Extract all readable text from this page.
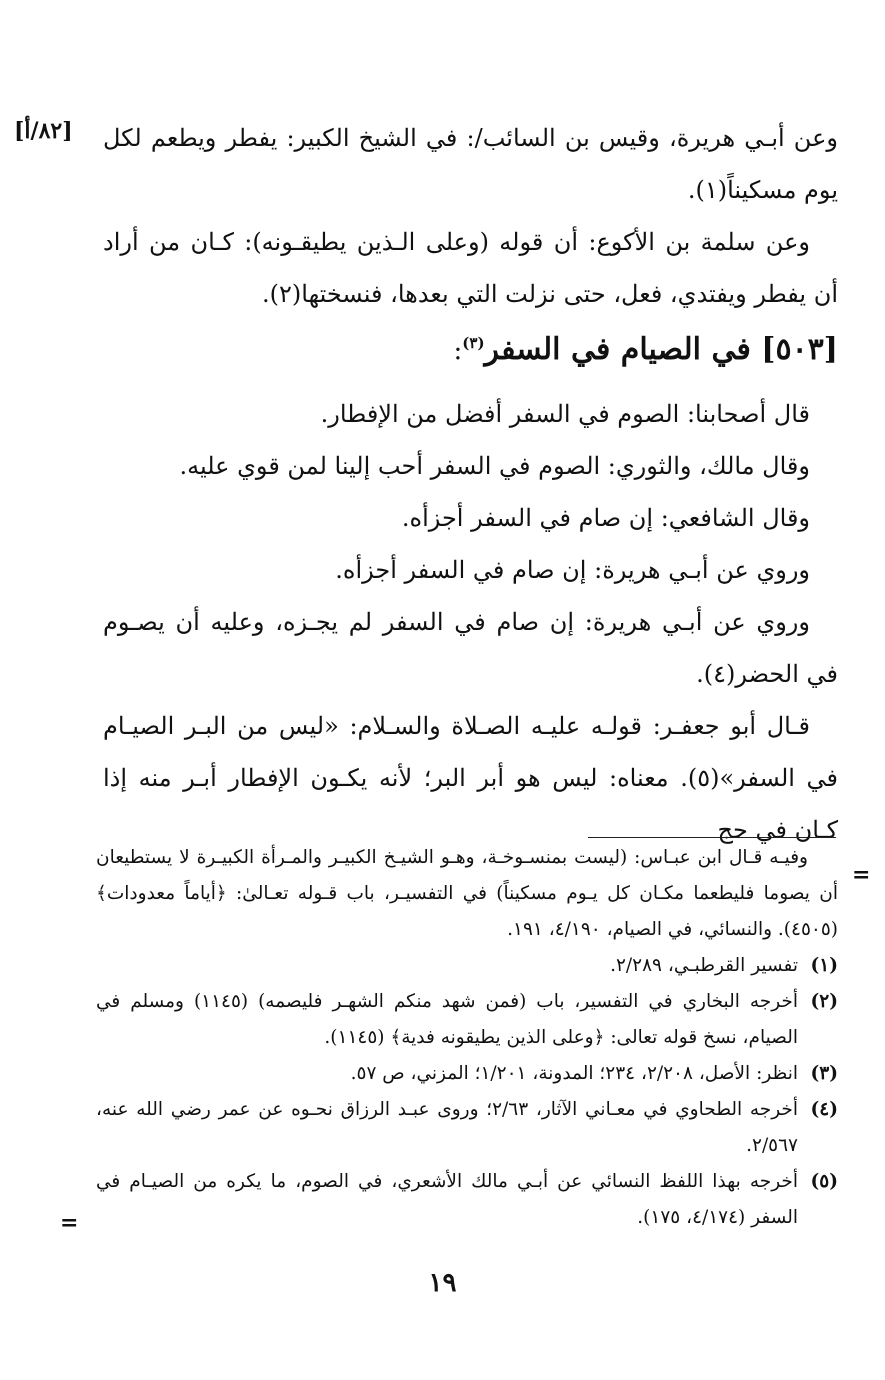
[٨٢/أ] وعن أبـي هريرة، وقيس بن السائب/: في الشيخ الكبير: يفطر ويطعم لكل يوم مسكيناً(١).

وعن سلمة بن الأكوع: أن قوله (وعلى الـذين يطيقـونه): كـان من أراد أن يفطر ويفتدي، فعل، حتى نزلت التي بعدها، فنسختها(٢).

[٥٠٣] في الصيام في السفر$^{(٣)}$:

قال أصحابنا: الصوم في السفر أفضل من الإفطار.

وقال مالك، والثوري: الصوم في السفر أحب إلينا لمن قوي عليه.

وقال الشافعي: إن صام في السفر أجزأه.

وروي عن أبـي هريرة: إن صام في السفر أجزأه.

وروي عن أبـي هريرة: إن صام في السفر لم يجـزه، وعليه أن يصـوم في الحضر(٤).

قـال أبو جعفـر: قولـه عليـه الصـلاة والسـلام: «ليس من البـر الصيـام في السفر»(٥). معناه: ليس هو أبر البر؛ لأنه يكـون الإفطار أبـر منه إذا كـان في حج

=
وفيـه قـال ابن عبـاس: (ليست بمنسـوخـة، وهـو الشيـخ الكبيـر والمـرأة الكبيـرة لا يستطيعان أن يصوما فليطعما مكـان كل يـوم مسكيناً) في التفسيـر، باب قـوله تعـالىٰ: ﴿أياماً معدودات﴾ (٤٥٠٥). والنسائي، في الصيام، ٤/١٩٠، ١٩١.
(١)
تفسير القرطبـي، ٢/٢٨٩.
(٢)
أخرجه البخاري في التفسير، باب (فمن شهد منكم الشهـر فليصمه) (١١٤٥) ومسلم في الصيام، نسخ قوله تعالى: ﴿وعلى الذين يطيقونه فدية﴾ (١١٤٥).
(٣)
انظر: الأصل، ٢/٢٠٨، ٢٣٤؛ المدونة، ١/٢٠١؛ المزني، ص ٥٧.
(٤)
أخرجه الطحاوي في معـاني الآثار، ٢/٦٣؛ وروى عبـد الرزاق نحـوه عن عمر رضي الله عنه، ٢/٥٦٧.
(٥)
أخرجه بهذا اللفظ النسائي عن أبـي مالك الأشعري، في الصوم، ما يكره من الصيـام في السفر (٤/١٧٤، ١٧٥).
=
١٩
